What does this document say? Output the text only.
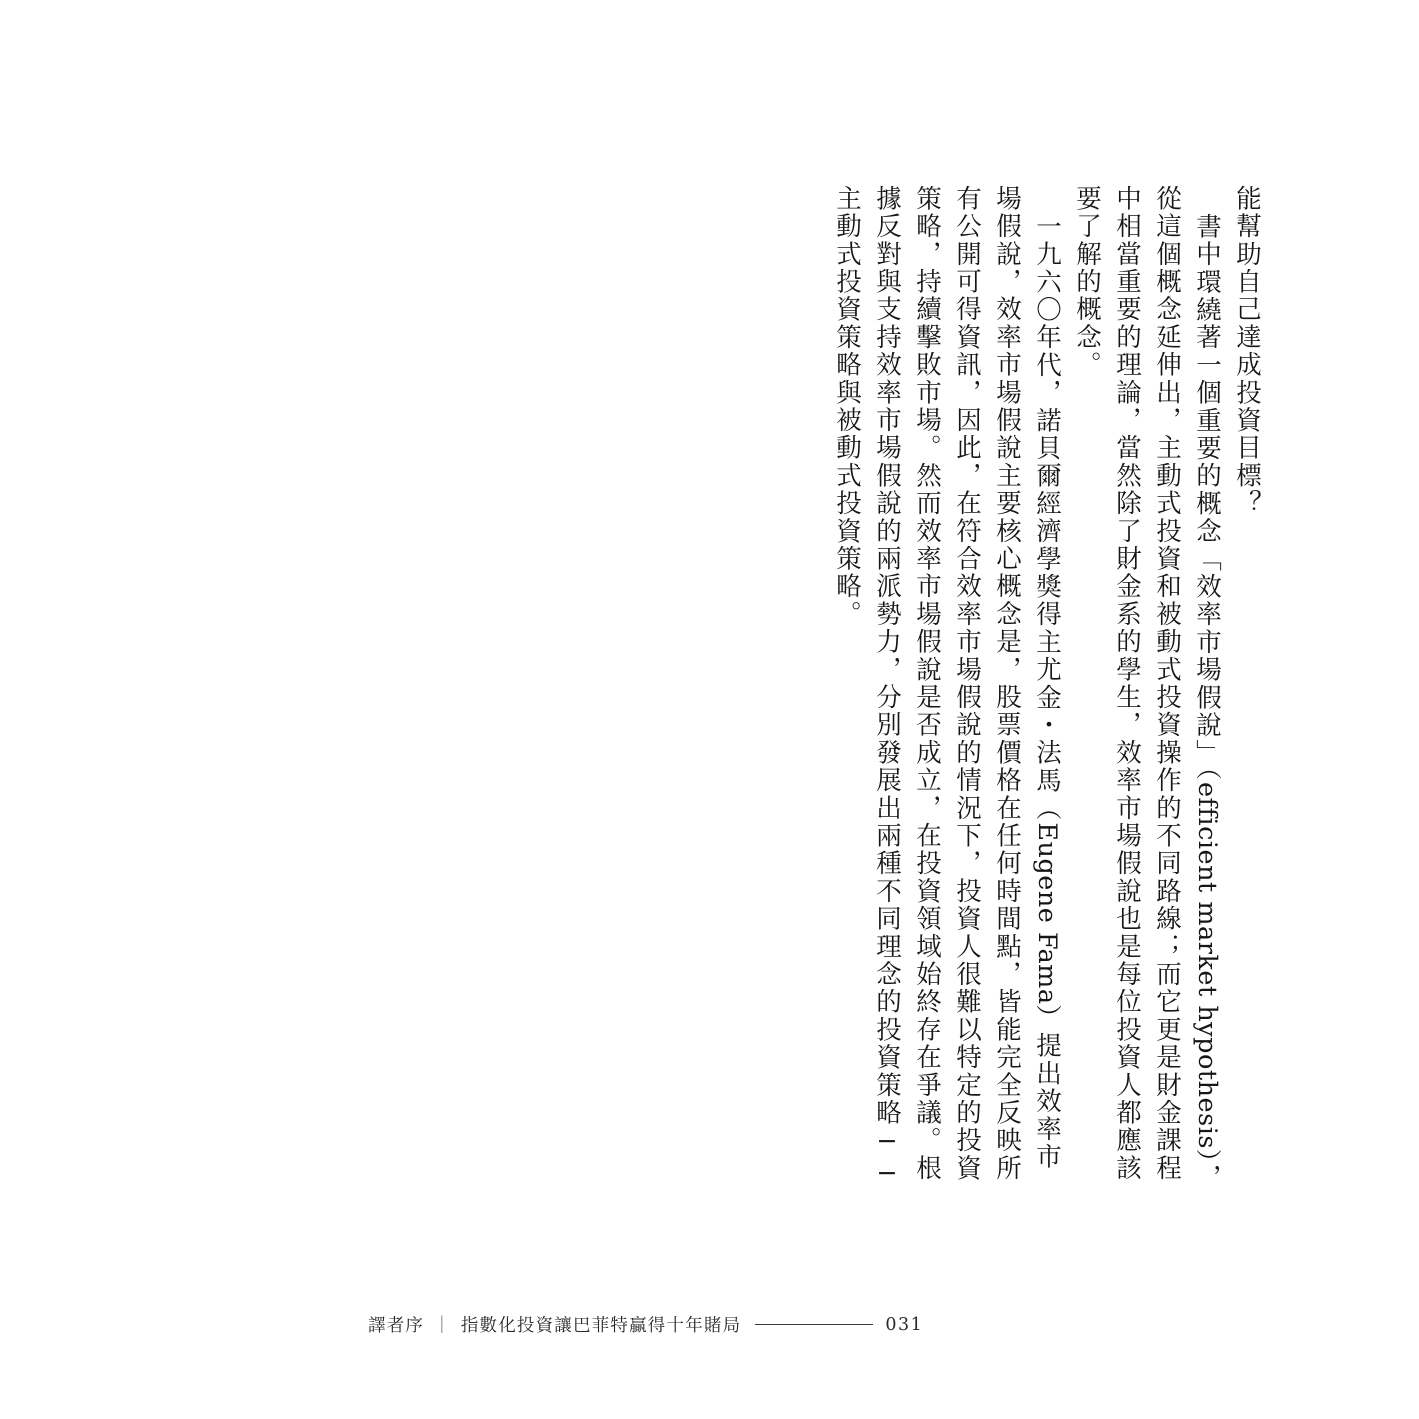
能幫助自己達成投資目標？
書中環繞著一個重要的概念「效率市場假說」（efficient market hypothesis），
從這個概念延伸出，主動式投資和被動式投資操作的不同路線；而它更是財金課程
中相當重要的理論，當然除了財金系的學生，效率市場假說也是每位投資人都應該
要了解的概念。
一九六〇年代，諾貝爾經濟學獎得主尤金・法馬（Eugene Fama）提出效率市
場假說，效率市場假說主要核心概念是，股票價格在任何時間點，皆能完全反映所
有公開可得資訊，因此，在符合效率市場假說的情況下，投資人很難以特定的投資
策略，持續擊敗市場。然而效率市場假說是否成立，在投資領域始終存在爭議。根
據反對與支持效率市場假說的兩派勢力，分別發展出兩種不同理念的投資策略──
主動式投資策略與被動式投資策略。
譯者序 ｜ 指數化投資讓巴菲特贏得十年賭局	031
